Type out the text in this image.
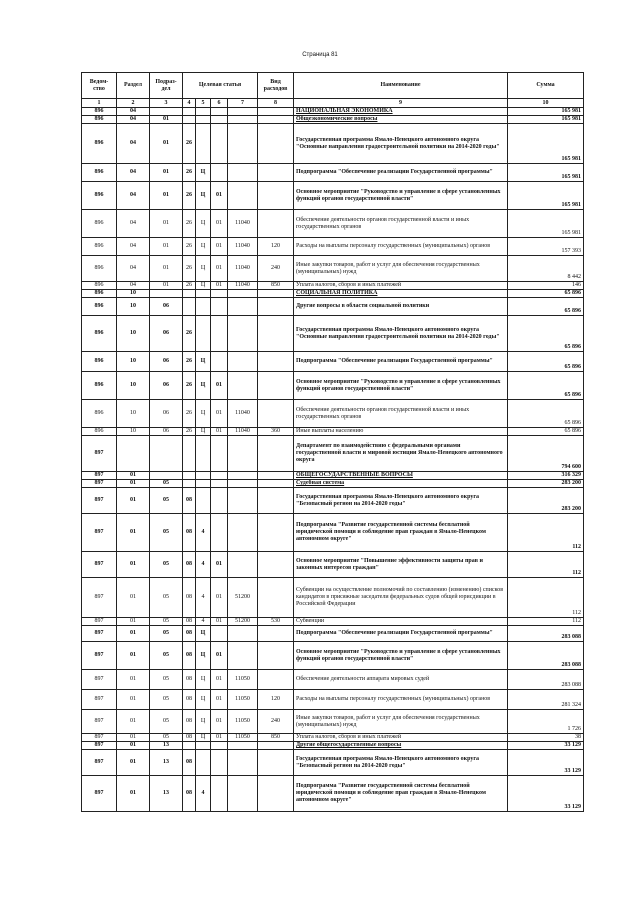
Страница 81
Ведом-ство	Раздел	Подраз-дел	Целевая статья				Вид расходов	Наименование	Сумма

1	2	3	4	5	6	7	8	9	10
896	04							НАЦИОНАЛЬНАЯ ЭКОНОМИКА	165 981
896	04	01						Общеэкономические вопросы	165 981
896	04	01	26					Государственная программа Ямало-Ненецкого автономного округа "Основные направления градостроительной политики на 2014-2020 годы"	165 981
896	04	01	26	Ц				Подпрограмма "Обеспечение реализации Государственной программы"	165 981
896	04	01	26	Ц	01			Основное мероприятие "Руководство и управление в сфере установленных функций органов государственной власти"	165 981
896	04	01	26	Ц	01	11040		Обеспечение деятельности органов государственной власти и иных государственных органов	165 981
896	04	01	26	Ц	01	11040	120	Расходы на выплаты персоналу государственных (муниципальных) органов	157 393
896	04	01	26	Ц	01	11040	240	Иные закупки товаров, работ и услуг для обеспечения государственных (муниципальных) нужд	8 442
896	04	01	26	Ц	01	11040	850	Уплата налогов, сборов и иных платежей	146
896	10							СОЦИАЛЬНАЯ ПОЛИТИКА	65 896
896	10	06						Другие вопросы в области социальной политики	65 896
896	10	06	26					Государственная программа Ямало-Ненецкого автономного округа "Основные направления градостроительной политики на 2014-2020 годы"	65 896
896	10	06	26	Ц				Подпрограмма "Обеспечение реализации Государственной программы"	65 896
896	10	06	26	Ц	01			Основное мероприятие "Руководство и управление в сфере установленных функций органов государственной власти"	65 896
896	10	06	26	Ц	01	11040		Обеспечение деятельности органов государственной власти и иных государственных органов	65 896
896	10	06	26	Ц	01	11040	360	Иные выплаты населению	65 896
897								Департамент по взаимодействию с федеральными органами государственной власти и мировой юстиции Ямало-Ненецкого автономного округа	794 600
897	01							ОБЩЕГОСУДАРСТВЕННЫЕ ВОПРОСЫ	316 329
897	01	05						Судебная система	283 200
897	01	05	08					Государственная программа Ямало-Ненецкого автономного округа "Безопасный регион на 2014-2020 годы"	283 200
897	01	05	08	4				Подпрограмма "Развитие государственной системы бесплатной юридической помощи и соблюдение прав граждан в Ямало-Ненецком автономном округе"	112
897	01	05	08	4	01			Основное мероприятие "Повышение эффективности защиты прав и законных интересов граждан"	112
897	01	05	08	4	01	51200		Субвенции на осуществление полномочий по составлению (изменению) списков кандидатов в присяжные заседатели федеральных судов общей юрисдикции в Российской Федерации	112
897	01	05	08	4	01	51200	530	Субвенции	112
897	01	05	08	Ц				Подпрограмма "Обеспечение реализации Государственной программы"	283 088
897	01	05	08	Ц	01			Основное мероприятие "Руководство и управление в сфере установленных функций органов государственной власти"	283 088
897	01	05	08	Ц	01	11050		Обеспечение деятельности аппарата мировых судей	283 088
897	01	05	08	Ц	01	11050	120	Расходы на выплаты персоналу государственных (муниципальных) органов	281 324
897	01	05	08	Ц	01	11050	240	Иные закупки товаров, работ и услуг для обеспечения государственных (муниципальных) нужд	1 726
897	01	05	08	Ц	01	11050	850	Уплата налогов, сборов и иных платежей	38
897	01	13						Другие общегосударственные вопросы	33 129
897	01	13	08					Государственная программа Ямало-Ненецкого автономного округа "Безопасный регион на 2014-2020 годы"	33 129
897	01	13	08	4				Подпрограмма "Развитие государственной системы бесплатной юридической помощи и соблюдение прав граждан в Ямало-Ненецком автономном округе"	33 129
